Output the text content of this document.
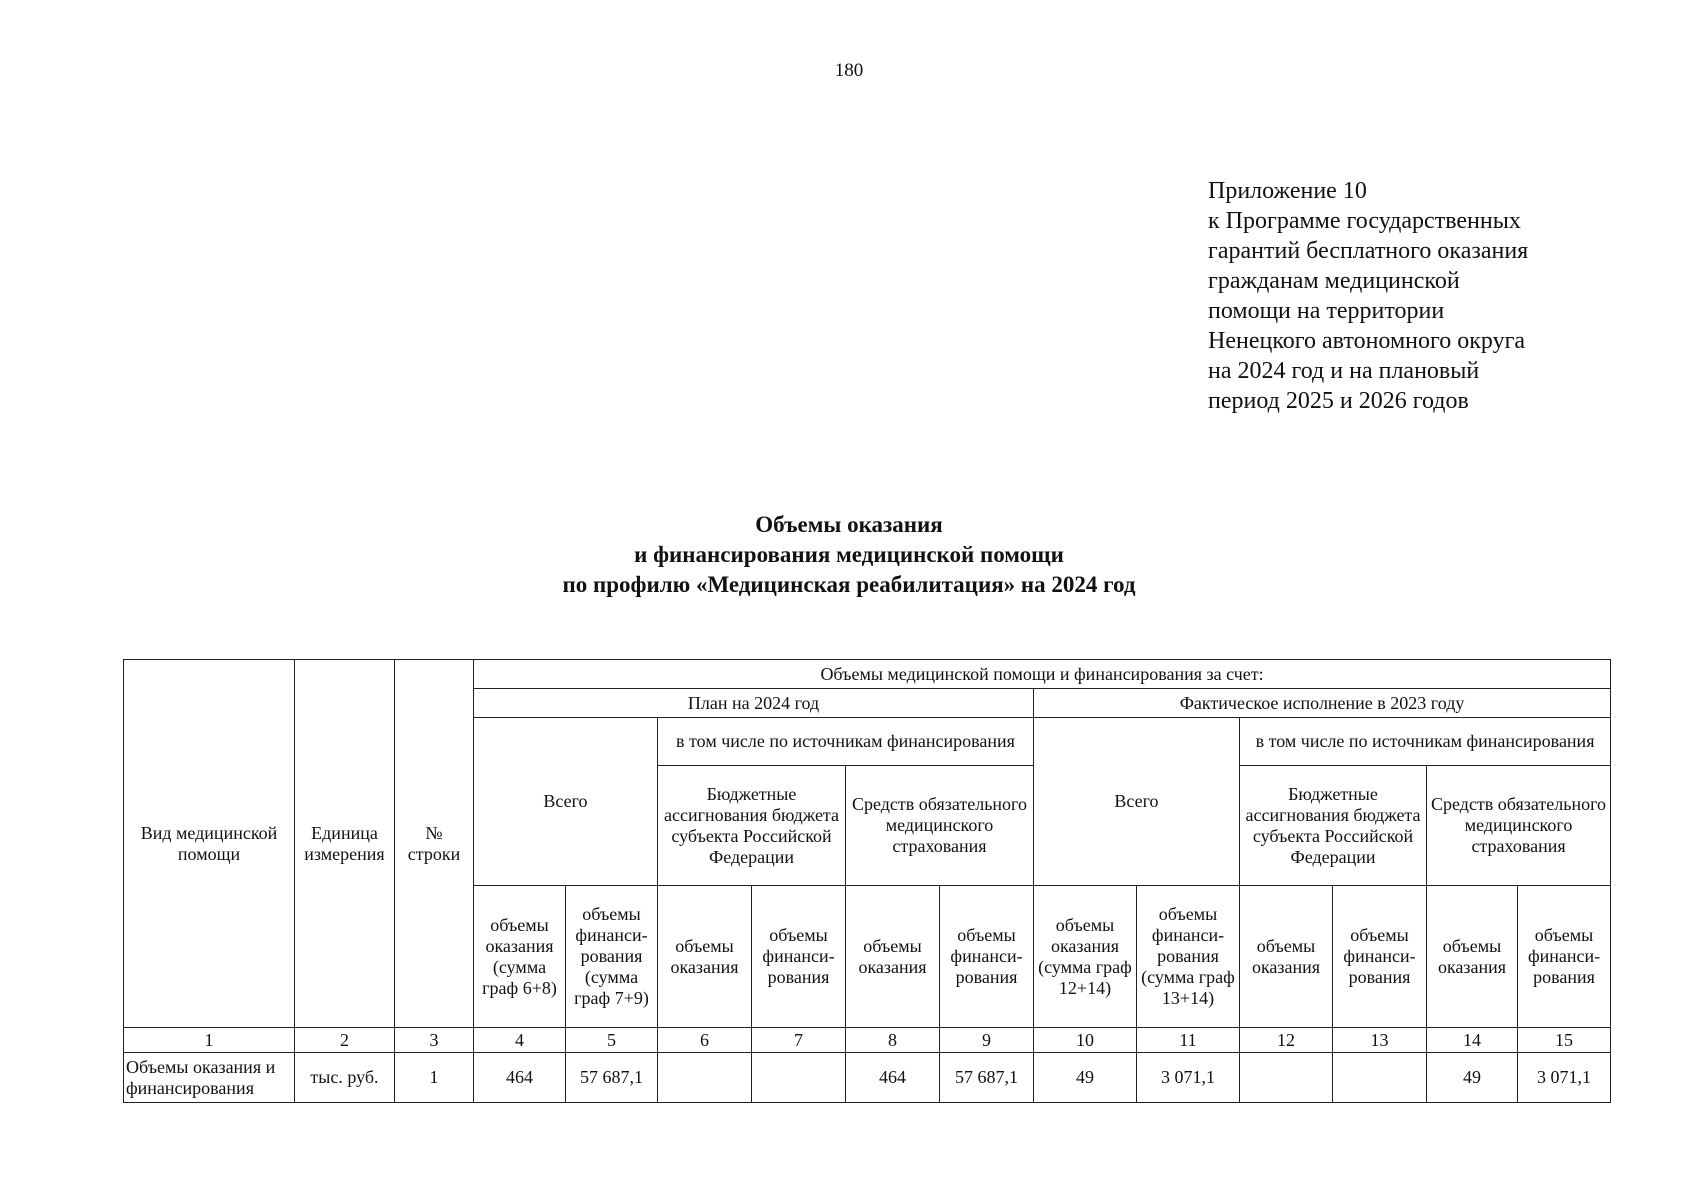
180
Приложение 10
к Программе государственных
гарантий бесплатного оказания
гражданам медицинской
помощи на территории
Ненецкого автономного округа
на 2024 год и на плановый
период 2025 и 2026 годов
Объемы оказания
и финансирования медицинской помощи
по профилю «Медицинская реабилитация» на 2024 год
Вид медицинской помощи	Единица измерения	№ строки	Объемы медицинской помощи и финансирования за счет:											
			План на 2024 год						Фактическое исполнение в 2023 году					
			Всего		в том числе по источникам финансирования				Всего		в том числе по источникам финансирования			
					Бюджетные ассигнования бюджета субъекта Российской Федерации		Средств обязательного медицинского страхования				Бюджетные ассигнования бюджета субъекта Российской Федерации		Средств обязательного медицинского страхования	
			объемы оказания (сумма граф 6+8)	объемы финанси-рования (сумма граф 7+9)	объемы оказания	объемы финанси-рования	объемы оказания	объемы финанси-рования	объемы оказания (сумма граф 12+14)	объемы финанси-рования (сумма граф 13+14)	объемы оказания	объемы финанси-рования	объемы оказания	объемы финанси-рования
1	2	3	4	5	6	7	8	9	10	11	12	13	14	15
Объемы оказания и финансирования	тыс. руб.	1	464	57 687,1			464	57 687,1	49	3 071,1			49	3 071,1
